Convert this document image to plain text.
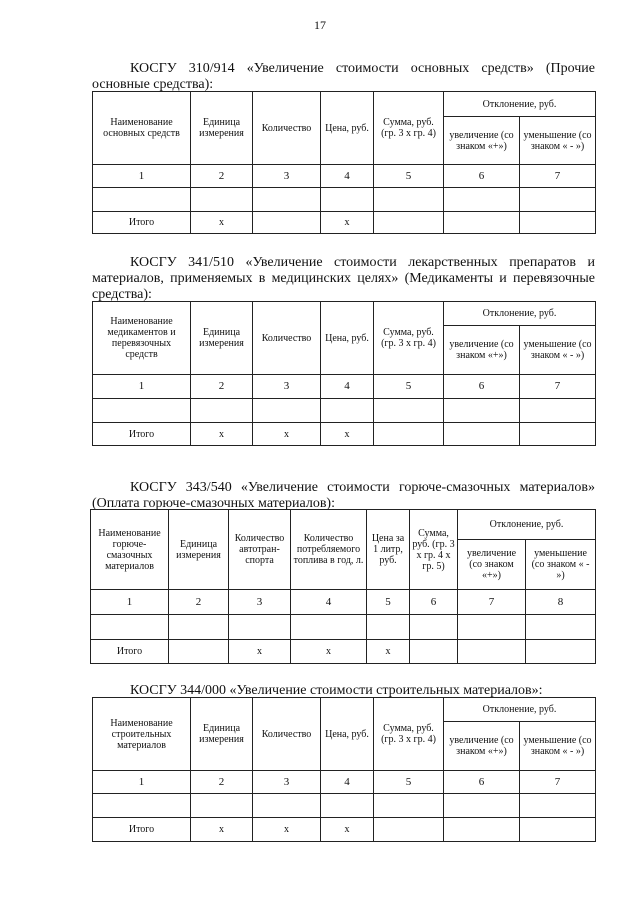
17

КОСГУ 310/914 «Увеличение стоимости основных средств» (Прочие основные средства):

Наименование основных средств	Единица измерения	Количество	Цена, руб.	Сумма, руб. (гр. 3 х гр. 4)	Отклонение, руб.	
					увеличение (со знаком «+»)	уменьшение (со знаком « - »)
1	2	3	4	5	6	7

Итого	х		х			

КОСГУ 341/510 «Увеличение стоимости лекарственных препаратов и материалов, применяемых в медицинских целях» (Медикаменты и перевязочные средства):

Наименование медикаментов и перевязочных средств	Единица измерения	Количество	Цена, руб.	Сумма, руб. (гр. 3 х гр. 4)	Отклонение, руб.	
					увеличение (со знаком «+»)	уменьшение (со знаком « - »)
1	2	3	4	5	6	7

Итого	х	х	х			

КОСГУ 343/540 «Увеличение стоимости горюче-смазочных материалов» (Оплата горюче-смазочных материалов):

Наименование горюче-смазочных материалов	Единица измерения	Количество автотран-спорта	Количество потребляемого топлива в год, л.	Цена за 1 литр, руб.	Сумма, руб. (гр. 3 х гр. 4 х гр. 5)	Отклонение, руб.	
						увеличение (со знаком «+»)	уменьшение (со знаком « - »)
1	2	3	4	5	6	7	8

Итого		х	х	х			

КОСГУ 344/000 «Увеличение стоимости строительных материалов»:

Наименование строительных материалов	Единица измерения	Количество	Цена, руб.	Сумма, руб. (гр. 3 х гр. 4)	Отклонение, руб.	
					увеличение (со знаком «+»)	уменьшение (со знаком « - »)
1	2	3	4	5	6	7

Итого	х	х	х			
